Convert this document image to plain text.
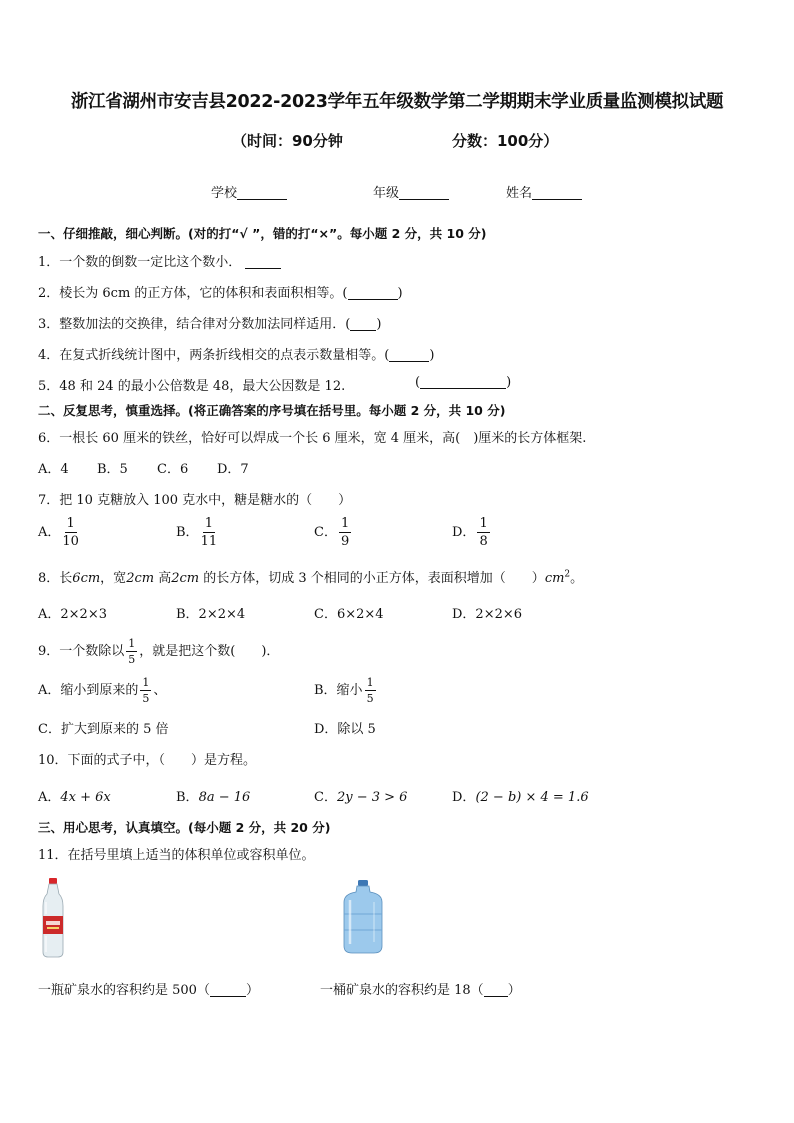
浙江省湖州市安吉县2022-2023学年五年级数学第二学期期末学业质量监测模拟试题
（时间：90分钟	分数：100分）
学校	年级	姓名
一、仔细推敲，细心判断。(对的打“√ ”，错的打“×”。每小题 2 分，共 10 分)
1．一个数的倒数一定比这个数小．
2．棱长为 6cm 的正方体，它的体积和表面积相等。(	)
3．整数加法的交换律，结合律对分数加法同样适用．( )
4．在复式折线统计图中，两条折线相交的点表示数量相等。(	)
5．48 和 24 的最小公倍数是 48，最大公因数是 12.	(	)
二、反复思考，慎重选择。(将正确答案的序号填在括号里。每小题 2 分，共 10 分)
6．一根长 60 厘米的铁丝，恰好可以焊成一个长 6 厘米，宽 4 厘米，高(　)厘米的长方体框架.
A．4 B．5 C．6 D．7
7．把 10 克糖放入 100 克水中，糖是糖水的（　　）
A． $\frac{1}{10}$	B． $\frac{1}{11}$	C． $\frac{1}{9}$	D． $\frac{1}{8}$
8．长6cm，宽2cm 高2cm 的长方体，切成 3 个相同的小正方体，表面积增加（　　）$cm^2$。
A．2×2×3	B．2×2×4	C．6×2×4	D．2×2×6
9．一个数除以 $\frac{1}{5}$ ，就是把这个数(　　)．
A．缩小到原来的 $\frac{1}{5}$ 、	B．缩小 $\frac{1}{5}$
C．扩大到原来的 5 倍	D．除以 5
10．下面的式子中，（　　）是方程。
A．4x + 6x	B．8a − 16	C．2y − 3 > 6	D．(2 − b) × 4 = 1.6
三、用心思考，认真填空。(每小题 2 分，共 20 分)
11．在括号里填上适当的体积单位或容积单位。
一瓶矿泉水的容积约是 500（	）	一桶矿泉水的容积约是 18（ ）
